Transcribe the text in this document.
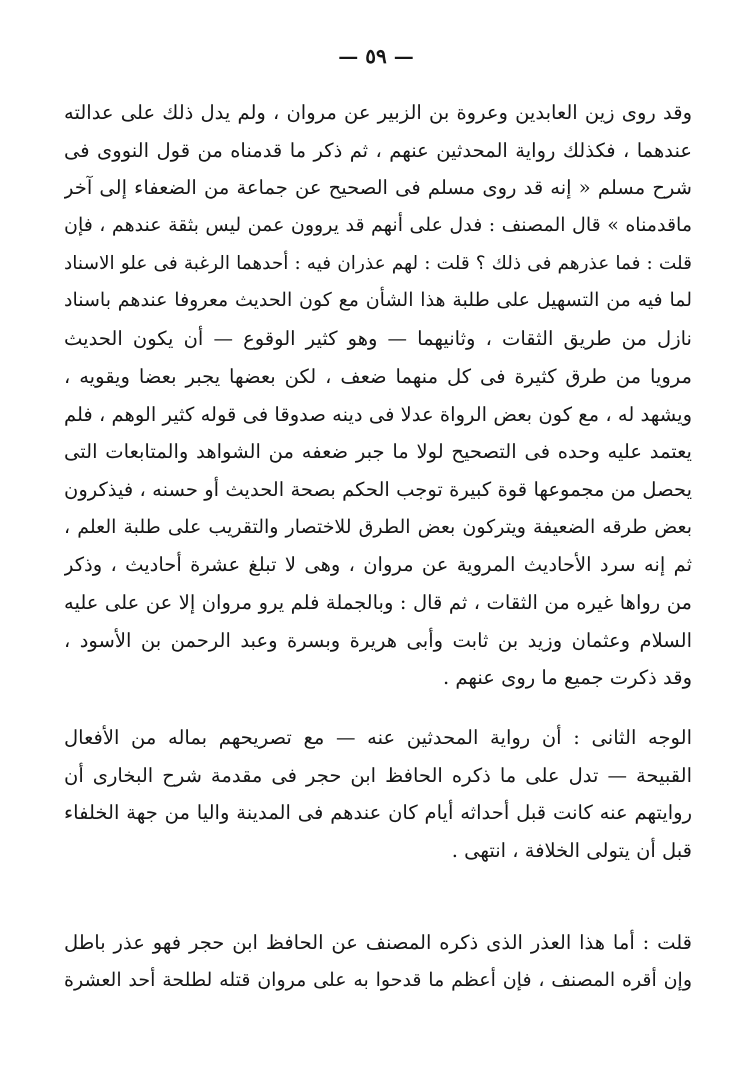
— ٥٩ —
وقد روى زين العابدين وعروة بن الزبير عن مروان ، ولم يدل ذلك على عدالته
عندهما ، فكذلك رواية المحدثين عنهم ، ثم ذكر ما قدمناه من قول النووى فى
شرح مسلم « إنه قد روى مسلم فى الصحيح عن جماعة من الضعفاء إلى آخر
ماقدمناه » قال المصنف : فدل على أنهم قد يروون عمن ليس بثقة عندهم ، فإن
قلت : فما عذرهم فى ذلك ؟ قلت : لهم عذران فيه : أحدهما الرغبة فى علو الاسناد
لما فيه من التسهيل على طلبة هذا الشأن مع كون الحديث معروفا عندهم باسناد
نازل من طريق الثقات ، وثانيهما — وهو كثير الوقوع — أن يكون الحديث
مرويا من طرق كثيرة فى كل منهما ضعف ، لكن بعضها يجبر بعضا ويقويه ،
ويشهد له ، مع كون بعض الرواة عدلا فى دينه صدوقا فى قوله كثير الوهم ، فلم
يعتمد عليه وحده فى التصحيح لولا ما جبر ضعفه من الشواهد والمتابعات التى
يحصل من مجموعها قوة كبيرة توجب الحكم بصحة الحديث أو حسنه ، فيذكرون
بعض طرقه الضعيفة ويتركون بعض الطرق للاختصار والتقريب على طلبة العلم ،
ثم إنه سرد الأحاديث المروية عن مروان ، وهى لا تبلغ عشرة أحاديث ، وذكر
من رواها غيره من الثقات ، ثم قال : وبالجملة فلم يرو مروان إلا عن على عليه
السلام وعثمان وزيد بن ثابت وأبى هريرة وبسرة وعبد الرحمن بن الأسود ،
وقد ذكرت جميع ما روى عنهم .
الوجه الثانى : أن رواية المحدثين عنه — مع تصريحهم بماله من الأفعال
القبيحة — تدل على ما ذكره الحافظ ابن حجر فى مقدمة شرح البخارى أن
روايتهم عنه كانت قبل أحداثه أيام كان عندهم فى المدينة واليا من جهة الخلفاء
قبل أن يتولى الخلافة ، انتهى .
قلت : أما هذا العذر الذى ذكره المصنف عن الحافظ ابن حجر فهو عذر باطل
وإن أقره المصنف ، فإن أعظم ما قدحوا به على مروان قتله لطلحة أحد العشرة
